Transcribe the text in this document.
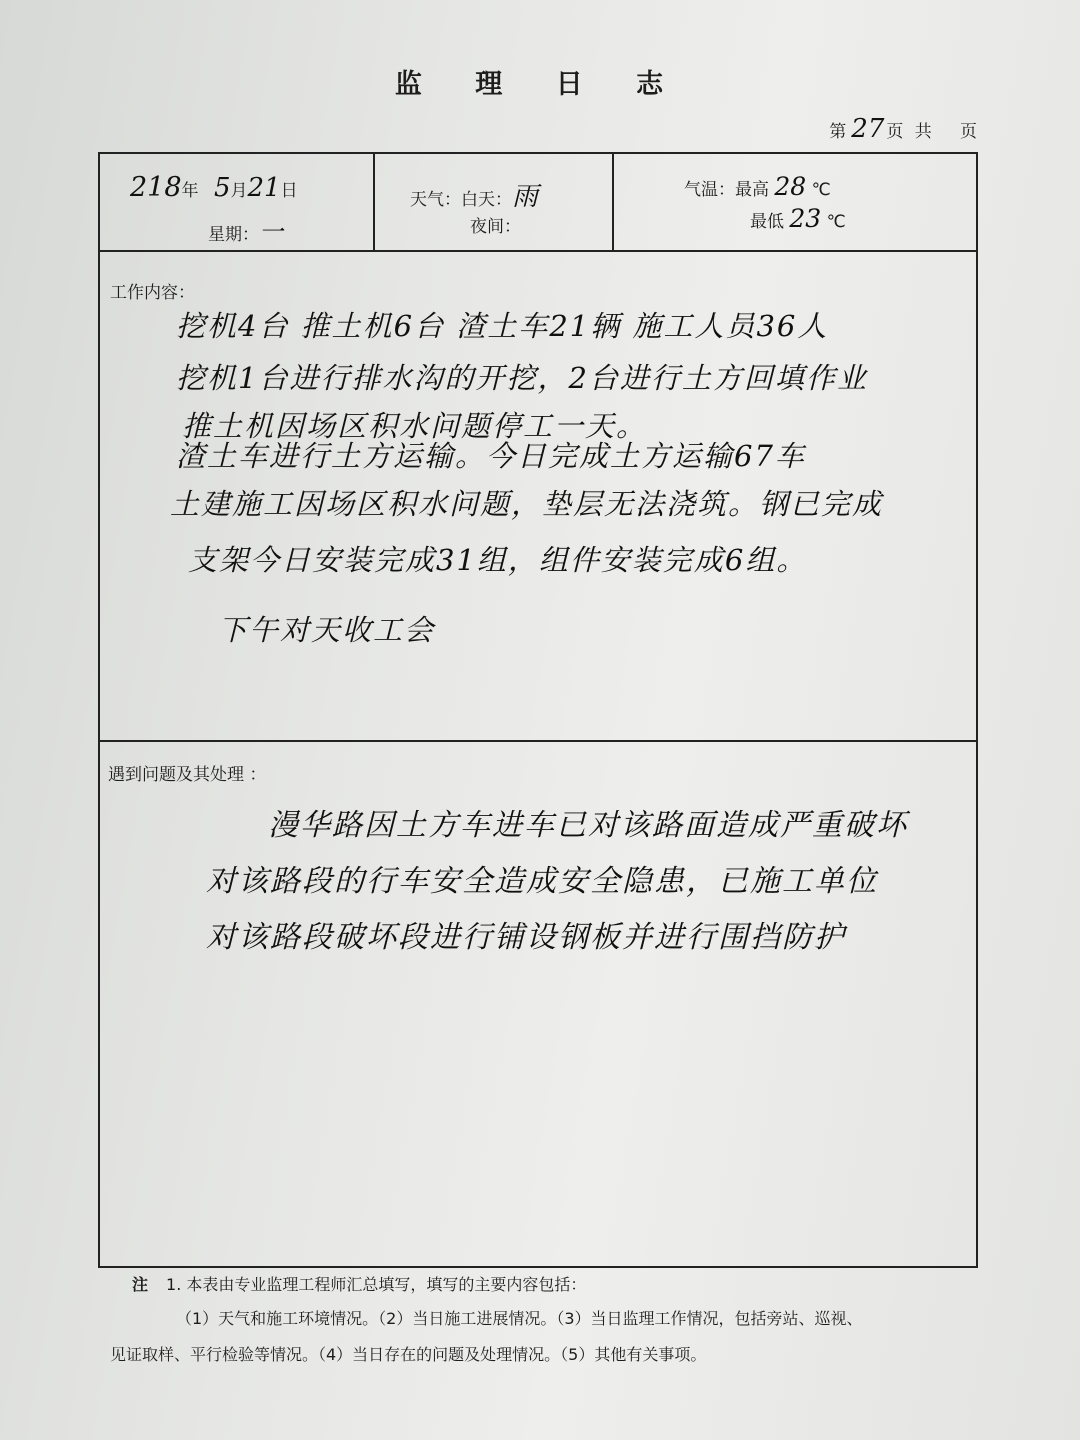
监 理 日 志
第27 页 共 页
218年 5月21日
星期：一
天气：白天：雨
夜间：
气温：最高 28 ℃
最低 23 ℃
工作内容：
挖机4台 推土机6台 渣土车21辆 施工人员36人
挖机1台进行排水沟的开挖，2台进行土方回填作业
推土机因场区积水问题停工一天。
渣土车进行土方运输。今日完成土方运输67车
土建施工因场区积水问题，垫层无法浇筑。钢已完成
支架今日安装完成31组，组件安装完成6组。
下午对天收工会
遇到问题及其处理 ：
漫华路因土方车进车已对该路面造成严重破坏
对该路段的行车安全造成安全隐患，已施工单位
对该路段破坏段进行铺设钢板并进行围挡防护
注 1. 本表由专业监理工程师汇总填写，填写的主要内容包括：
（1）天气和施工环境情况。（2）当日施工进展情况。（3）当日监理工作情况，包括旁站、巡视、
见证取样、平行检验等情况。（4）当日存在的问题及处理情况。（5）其他有关事项。
